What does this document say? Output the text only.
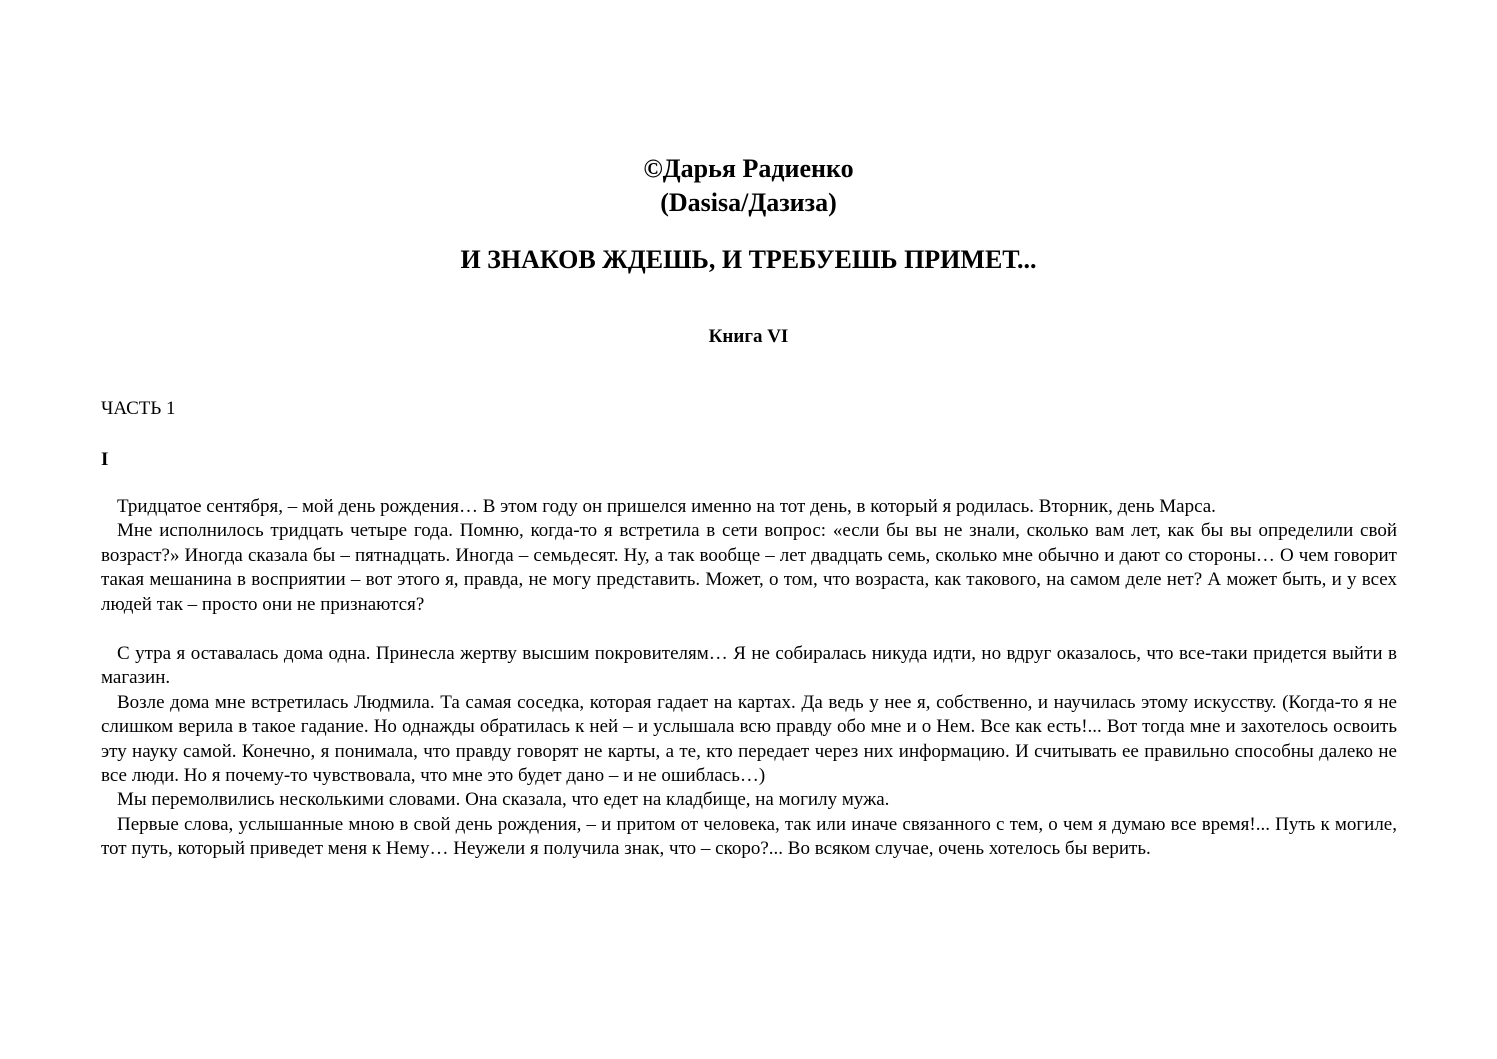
©Дарья Радиенко
(Dasisa/Дазиза)
И ЗНАКОВ ЖДЕШЬ, И ТРЕБУЕШЬ ПРИМЕТ...
Книга VI
ЧАСТЬ 1
I

Тридцатое сентября, – мой день рождения… В этом году он пришелся именно на тот день, в который я родилась. Вторник, день Марса.

Мне исполнилось тридцать четыре года. Помню, когда-то я встретила в сети вопрос: «если бы вы не знали, сколько вам лет, как бы вы определили свой возраст?» Иногда сказала бы – пятнадцать. Иногда – семьдесят. Ну, а так вообще – лет двадцать семь, сколько мне обычно и дают со стороны… О чем говорит такая мешанина в восприятии – вот этого я, правда, не могу представить. Может, о том, что возраста, как такового, на самом деле нет? А может быть, и у всех людей так – просто они не признаются?

С утра я оставалась дома одна. Принесла жертву высшим покровителям… Я не собиралась никуда идти, но вдруг оказалось, что все-таки придется выйти в магазин.

Возле дома мне встретилась Людмила. Та самая соседка, которая гадает на картах. Да ведь у нее я, собственно, и научилась этому искусству. (Когда-то я не слишком верила в такое гадание. Но однажды обратилась к ней – и услышала всю правду обо мне и о Нем. Все как есть!... Вот тогда мне и захотелось освоить эту науку самой. Конечно, я понимала, что правду говорят не карты, а те, кто передает через них информацию. И считывать ее правильно способны далеко не все люди. Но я почему-то чувствовала, что мне это будет дано – и не ошиблась…)

Мы перемолвились несколькими словами. Она сказала, что едет на кладбище, на могилу мужа.

Первые слова, услышанные мною в свой день рождения, – и притом от человека, так или иначе связанного с тем, о чем я думаю все время!... Путь к могиле, тот путь, который приведет меня к Нему… Неужели я получила знак, что – скоро?... Во всяком случае, очень хотелось бы верить.
